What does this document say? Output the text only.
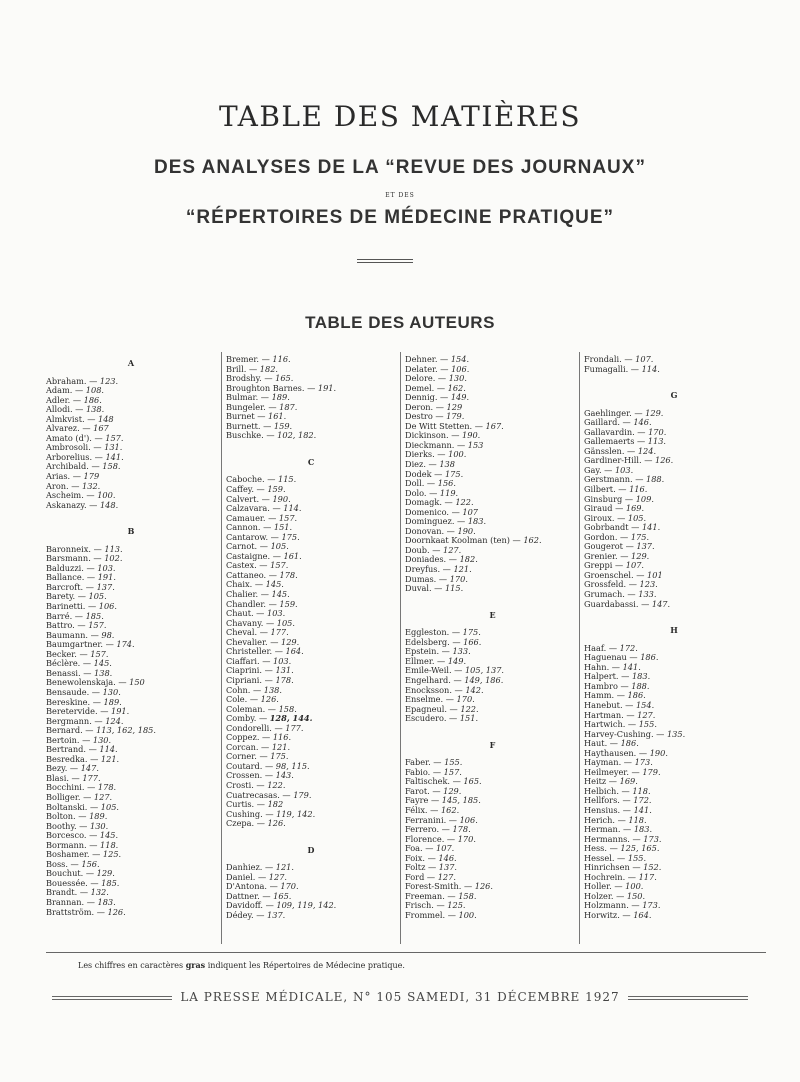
TABLE DES MATIÈRES
DES ANALYSES DE LA “REVUE DES JOURNAUX”
ET DES
“RÉPERTOIRES DE MÉDECINE PRATIQUE”
TABLE DES AUTEURS
A
Abraham. — 123.
Adam. — 108.
Adler. — 186.
Allodi. — 138.
Almkvist. — 148
Alvarez. — 167
Amato (d'). — 157.
Ambrosoli. — 131.
Arborelius. — 141.
Archibald. — 158.
Arias. — 179
Aron. — 132.
Ascheim. — 100.
Askanazy. — 148.
B
Baronneix. — 113.
Barsmann. — 102.
Balduzzi. — 103.
Ballance. — 191.
Barcroft. — 137.
Barety. — 105.
Barinetti. — 106.
Barré. — 185.
Battro. — 157.
Baumann. — 98.
Baumgartner. — 174.
Becker. — 157.
Béclère. — 145.
Benassi. — 138.
Benewolenskaja. — 150
Bensaude. — 130.
Bereskine. — 189.
Beretervide. — 191.
Bergmann. — 124.
Bernard. — 113, 162, 185.
Bertoin. — 130.
Bertrand. — 114.
Besredka. — 121.
Bezy. — 147.
Blasi. — 177.
Bocchini. — 178.
Bolliger. — 127.
Boltanski. — 105.
Bolton. — 189.
Boothy. — 130.
Borcesco. — 145.
Bormann. — 118.
Boshamer. — 125.
Boss. — 156.
Bouchut. — 129.
Bouessée. — 185.
Brandt. — 132.
Brannan. — 183.
Brattström. — 126.
Bremer. — 116.
Brill. — 182.
Brodshy. — 165.
Broughton Barnes. — 191.
Bulmar. — 189.
Bungeler. — 187.
Burnet — 161.
Burnett. — 159.
Buschke. — 102, 182.
C
Caboche. — 115.
Caffey. — 159.
Calvert. — 190.
Calzavara. — 114.
Camauer. — 157.
Cannon. — 151.
Cantarow. — 175.
Carnot. — 105.
Castaigne. — 161.
Castex. — 157.
Cattaneo. — 178.
Chaix. — 145.
Chalier. — 145.
Chandler. — 159.
Chaut. — 103.
Chavany. — 105.
Cheval. — 177.
Chevalier. — 129.
Christeller. — 164.
Ciaffari. — 103.
Ciaprini. — 131.
Cipriani. — 178.
Cohn. — 138.
Cole. — 126.
Coleman. — 158.
Comby. — 128, 144.
Condorelli. — 177.
Coppez. — 116.
Corcan. — 121.
Corner. — 175.
Coutard. — 98, 115.
Crossen. — 143.
Crosti. — 122.
Cuatrecasas. — 179.
Curtis. — 182
Cushing. — 119, 142.
Czepa. — 126.
D
Danhiez. — 121.
Daniel. — 127.
D'Antona. — 170.
Dattner. — 165.
Davidoff. — 109, 119, 142.
Dédey. — 137.
Dehner. — 154.
Delater. — 106.
Delore. — 130.
Demel. — 162.
Dennig. — 149.
Deron. — 129
Destro — 179.
De Witt Stetten. — 167.
Dickinson. — 190.
Dieckmann. — 153
Dierks. — 100.
Diez. — 138
Dodek — 175.
Doll. — 156.
Dolo. — 119.
Domagk. — 122.
Domenico. — 107
Dominguez. — 183.
Donovan. — 190.
Doornkaat Koolman (ten) — 162.
Doub. — 127.
Doniades. — 182.
Dreyfus. — 121.
Dumas. — 170.
Duval. — 115.
E
Eggleston. — 175.
Edelsberg. — 166.
Epstein. — 133.
Ellmer. — 149.
Emile-Weil. — 105, 137.
Engelhard. — 149, 186.
Enocksson. — 142.
Enselme. — 170.
Epagneul. — 122.
Escudero. — 151.
F
Faber. — 155.
Fabio. — 157.
Faltischek. — 165.
Farot. — 129.
Fayre — 145, 185.
Félix. — 162.
Ferranini. — 106.
Ferrero. — 178.
Florence. — 170.
Foa. — 107.
Foix. — 146.
Foltz — 137.
Ford — 127.
Forest-Smith. — 126.
Freeman. — 158.
Frisch. — 125.
Frommel. — 100.
Frondali. — 107.
Fumagalli. — 114.
G
Gaehlinger. — 129.
Gaillard. — 146.
Gallavardin. — 170.
Gallemaerts — 113.
Gänsslen. — 124.
Gardiner-Hill. — 126.
Gay. — 103.
Gerstmann. — 188.
Gilbert. — 116.
Ginsburg — 109.
Giraud — 169.
Giroux. — 105.
Gobrbandt — 141.
Gordon. — 175.
Gougerot — 137.
Grenier. — 129.
Greppi — 107.
Groenschel. — 101
Grossfeld. — 123.
Grumach. — 133.
Guardabassi. — 147.
H
Haaf. — 172.
Haguenau — 186.
Hahn. — 141.
Halpert. — 183.
Hambro — 188.
Hamm. — 186.
Hanebut. — 154.
Hartman. — 127.
Hartwich. — 155.
Harvey-Cushing. — 135.
Haut. — 186.
Haythausen. — 190.
Hayman. — 173.
Heilmeyer. — 179.
Heitz — 169.
Helbich. — 118.
Hellfors. — 172.
Hensius. — 141.
Herich. — 118.
Herman. — 183.
Hermanns. — 173.
Hess. — 125, 165.
Hessel. — 155.
Hinrichsen — 152.
Hochrein. — 117.
Holler. — 100.
Holzer. — 150.
Holzmann. — 173.
Horwitz. — 164.
Les chiffres en caractères gras indiquent les Répertoires de Médecine pratique.
LA PRESSE MÉDICALE, N° 105 SAMEDI, 31 DÉCEMBRE 1927
